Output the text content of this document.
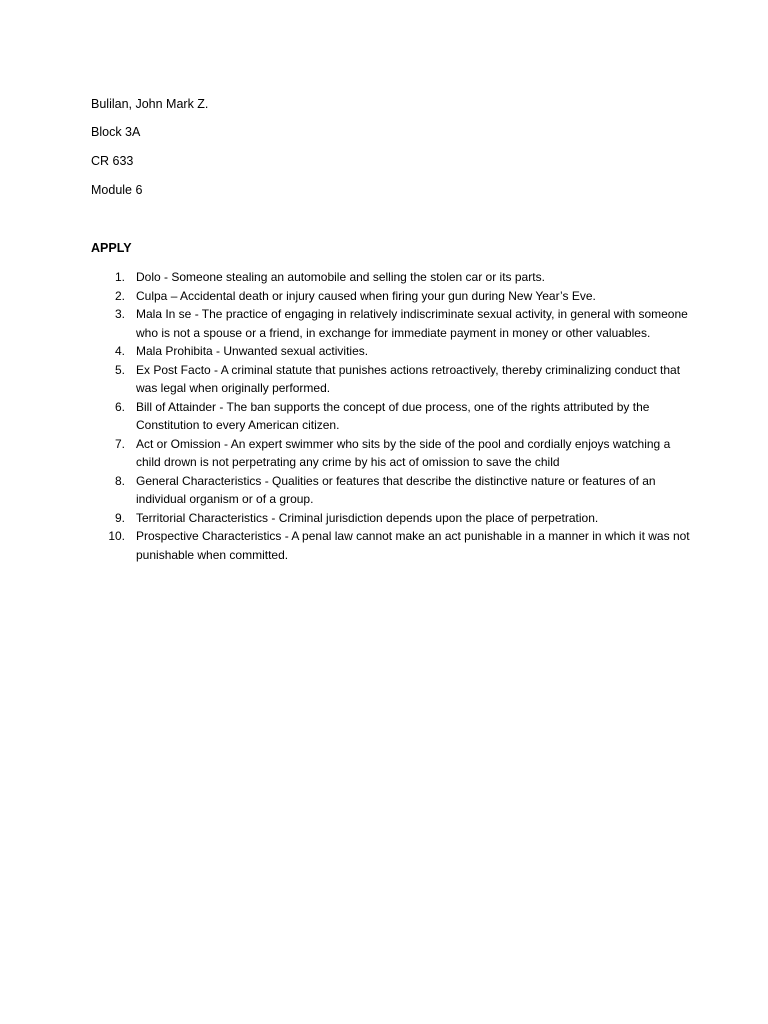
Bulilan, John Mark Z.
Block 3A
CR 633
Module 6
APPLY
1. Dolo - Someone stealing an automobile and selling the stolen car or its parts.
2. Culpa – Accidental death or injury caused when firing your gun during New Year’s Eve.
3. Mala In se - The practice of engaging in relatively indiscriminate sexual activity, in general with someone who is not a spouse or a friend, in exchange for immediate payment in money or other valuables.
4. Mala Prohibita - Unwanted sexual activities.
5. Ex Post Facto - A criminal statute that punishes actions retroactively, thereby criminalizing conduct that was legal when originally performed.
6. Bill of Attainder - The ban supports the concept of due process, one of the rights attributed by the Constitution to every American citizen.
7. Act or Omission - An expert swimmer who sits by the side of the pool and cordially enjoys watching a child drown is not perpetrating any crime by his act of omission to save the child
8. General Characteristics - Qualities or features that describe the distinctive nature or features of an individual organism or of a group.
9. Territorial Characteristics - Criminal jurisdiction depends upon the place of perpetration.
10. Prospective Characteristics - A penal law cannot make an act punishable in a manner in which it was not punishable when committed.
